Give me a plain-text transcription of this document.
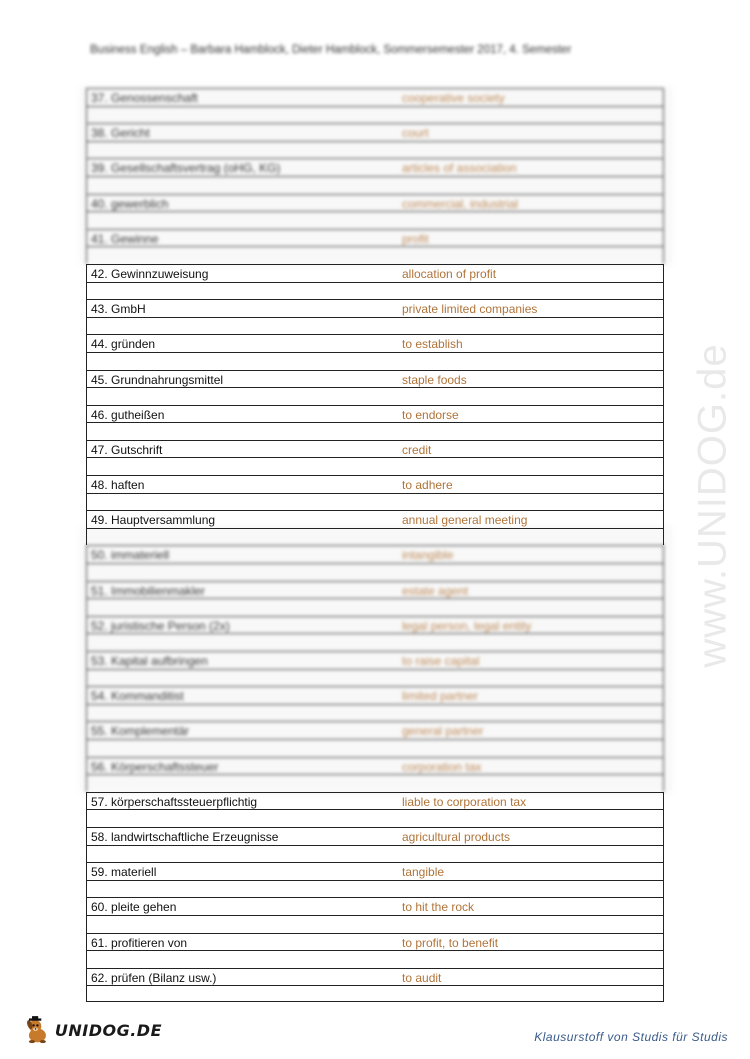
Business English – Barbara Hamblock, Dieter Hamblock, Sommersemester 2017, 4. Semester
37. Genossenschaft	cooperative society
38. Gericht	court
39. Gesellschaftsvertrag (oHG, KG)	articles of association
40. gewerblich	commercial, industrial
41. Gewinne	profit
42. Gewinnzuweisung	allocation of profit
43. GmbH	private limited companies
44. gründen	to establish
45. Grundnahrungsmittel	staple foods
46. gutheißen	to endorse
47. Gutschrift	credit
48. haften	to adhere
49. Hauptversammlung	annual general meeting
50. immateriell	intangible
51. Immobilienmakler	estate agent
52. juristische Person (2x)	legal person, legal entity
53. Kapital aufbringen	to raise capital
54. Kommanditist	limited partner
55. Komplementär	general partner
56. Körperschaftssteuer	corporation tax
57. körperschaftssteuerpflichtig	liable to corporation tax
58. landwirtschaftliche Erzeugnisse	agricultural products
59. materiell	tangible
60. pleite gehen	to hit the rock
61. profitieren von	to profit, to benefit
62. prüfen (Bilanz usw.)	to audit
www.UNIDOG.de
UNIDOG.DE	Klausurstoff von Studis für Studis
